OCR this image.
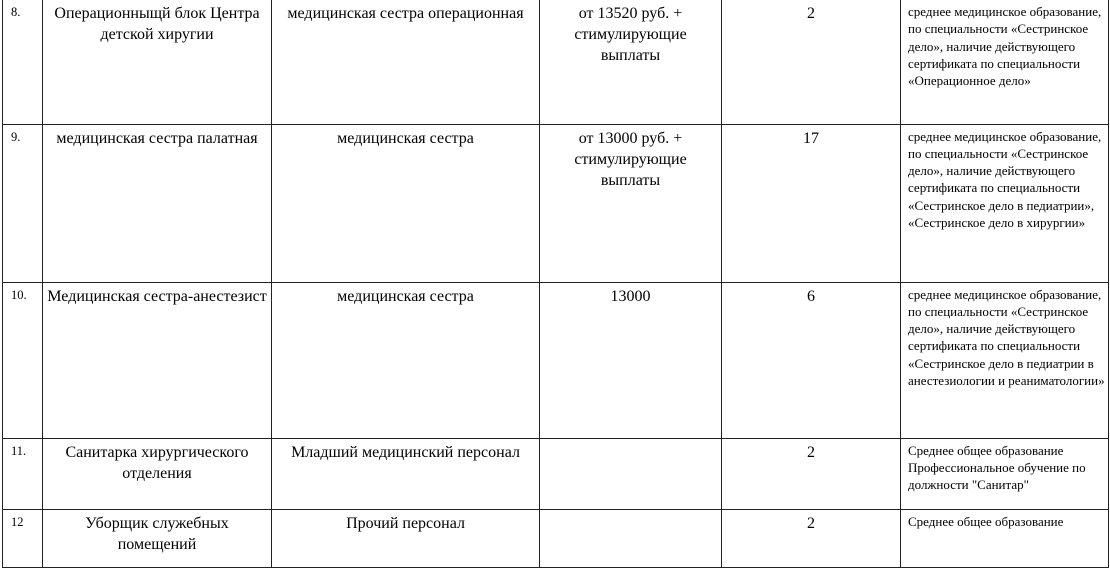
8.	Операционныщй блок Центра детской хиругии	медицинская сестра операционная	от 13520 руб. + стимулирующие выплаты	2	среднее медицинское образование, по специальности «Сестринское дело», наличие действующего сертификата по специальности «Операционное дело»
9.	медицинская сестра палатная	медицинская сестра	от 13000 руб. + стимулирующие выплаты	17	среднее медицинское образование, по специальности «Сестринское дело», наличие действующего сертификата по специальности «Сестринское дело в педиатрии», «Сестринское дело в хирургии»
10.	Медицинская сестра-анестезист	медицинская сестра	13000	6	среднее медицинское образование, по специальности «Сестринское дело», наличие действующего сертификата по специальности «Сестринское дело в педиатрии в анестезиологии и реаниматологии»
11.	Санитарка хирургического отделения	Младший медицинский персонал		2	Среднее общее образование Профессиональное обучение по должности "Санитар"
12	Уборщик служебных помещений	Прочий персонал		2	Среднее общее образование
